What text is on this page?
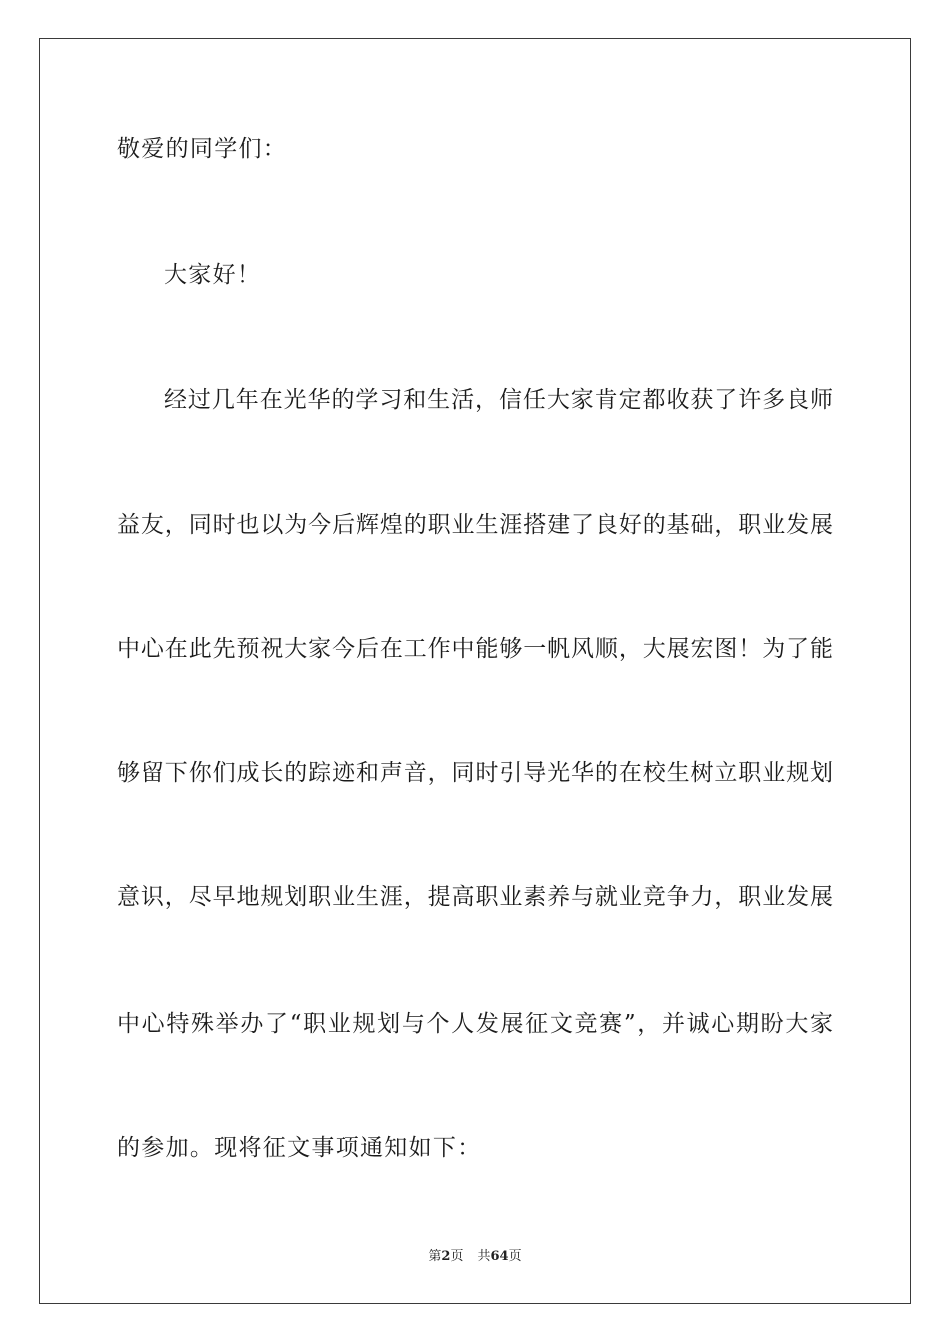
敬爱的同学们：
大家好！
经过几年在光华的学习和生活，信任大家肯定都收获了许多良师
益友，同时也以为今后辉煌的职业生涯搭建了良好的基础，职业发展
中心在此先预祝大家今后在工作中能够一帆风顺，大展宏图！为了能
够留下你们成长的踪迹和声音，同时引导光华的在校生树立职业规划
意识，尽早地规划职业生涯，提高职业素养与就业竞争力，职业发展
中心特殊举办了“职业规划与个人发展征文竞赛”，并诚心期盼大家
的参加。现将征文事项通知如下：
第2页 共64页
